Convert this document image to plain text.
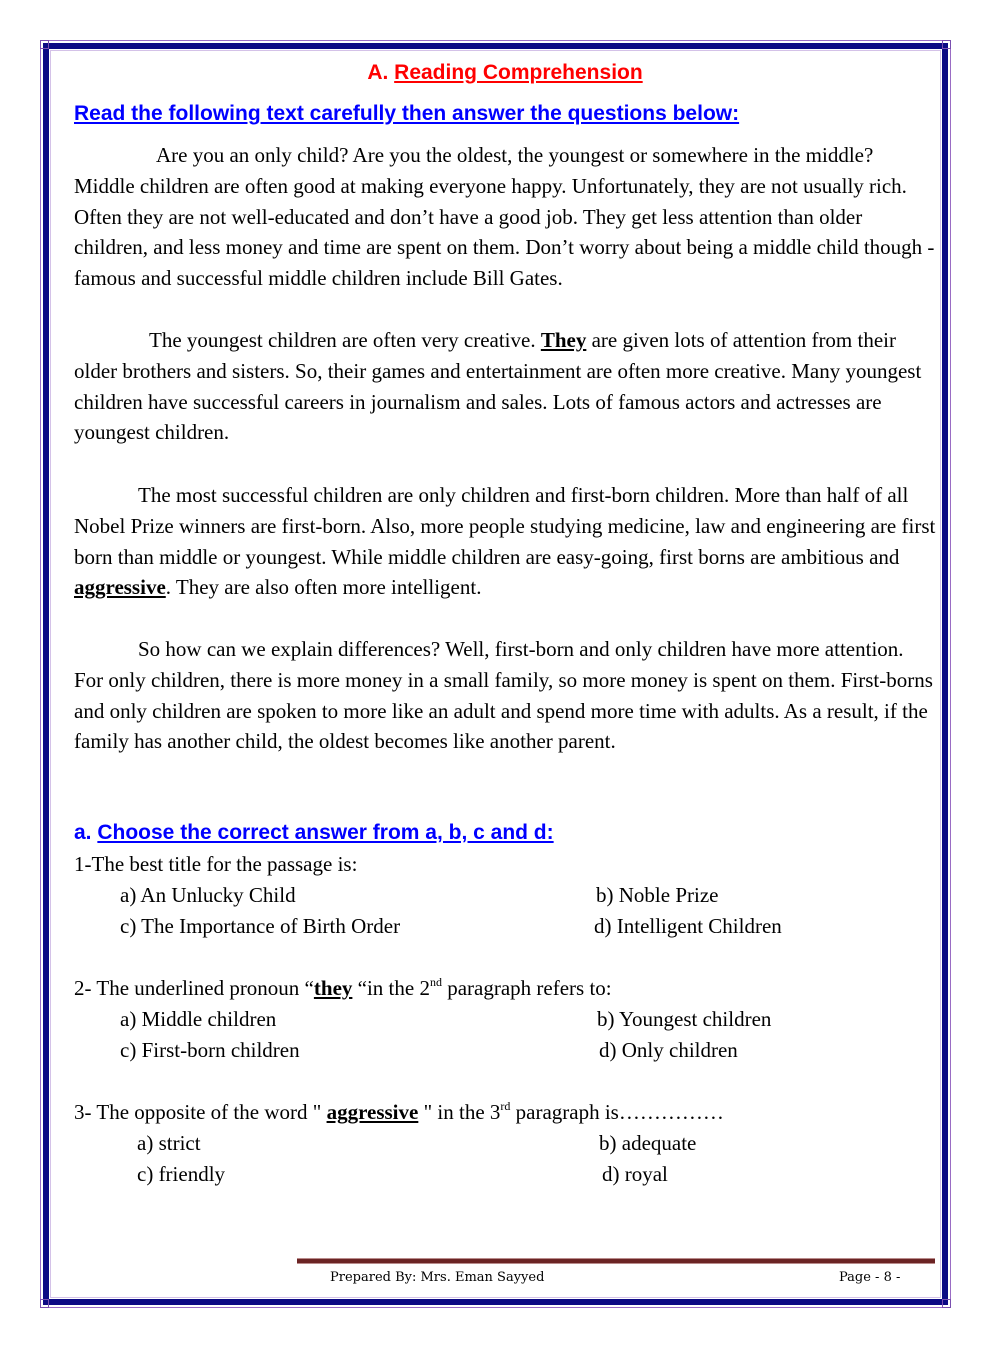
A. Reading Comprehension
Read the following text carefully then answer the questions below:
Are you an only child? Are you the oldest, the youngest or somewhere in the middle?   Middle children are often good at making everyone happy. Unfortunately, they are not usually rich. Often they are not well-educated and don’t have a good job. They get less attention than older children, and less money and time are spent on them. Don’t worry about being a middle child though - famous and successful middle children include Bill Gates.
The youngest children are often very creative. They are given lots of attention from their older brothers and sisters. So, their games and entertainment are often more creative. Many youngest children have successful careers in journalism and sales. Lots of famous actors and actresses are youngest children.
The most successful children are only children and first-born children. More than half of all Nobel Prize winners are first-born. Also, more people studying medicine, law and engineering are first born than middle or youngest. While middle children are easy-going, first borns are ambitious and aggressive. They are also often more intelligent.
So how can we explain differences? Well, first-born and only children have more attention. For only children, there is more money in a small family, so more money is spent on them. First-borns and only children are spoken to more like an adult and spend more time with adults. As a result, if the family has another child, the oldest becomes like another parent.
a. Choose the correct answer from a, b, c and d:
1-The best title for the passage is:
a) An Unlucky Child	b) Noble Prize
c) The Importance of Birth Order	d) Intelligent Children
2- The underlined pronoun “they “in the 2nd paragraph refers to:
a) Middle children	b) Youngest children
c) First-born children	d) Only children
3- The opposite of the word " aggressive " in the 3rd paragraph is……………
a) strict	b) adequate
c) friendly	d) royal
Prepared By: Mrs. Eman Sayyed	Page - 8 -
